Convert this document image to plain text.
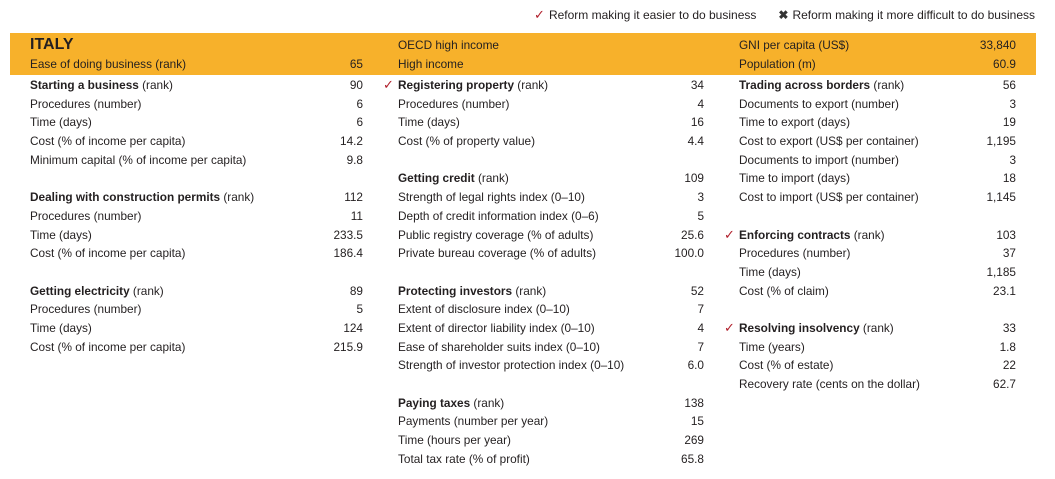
✓ Reform making it easier to do business ✖ Reform making it more difficult to do business
ITALY
Ease of doing business (rank)	65
OECD high income
High income
GNI per capita (US$)	33,840
Population (m)	60.9
Starting a business (rank)	90
Procedures (number)	6
Time (days)	6
Cost (% of income per capita)	14.2
Minimum capital (% of income per capita)	9.8
Dealing with construction permits (rank)	112
Procedures (number)	11
Time (days)	233.5
Cost (% of income per capita)	186.4
Getting electricity (rank)	89
Procedures (number)	5
Time (days)	124
Cost (% of income per capita)	215.9
✓ Registering property (rank)	34
Procedures (number)	4
Time (days)	16
Cost (% of property value)	4.4
Getting credit (rank)	109
Strength of legal rights index (0–10)	3
Depth of credit information index (0–6)	5
Public registry coverage (% of adults)	25.6
Private bureau coverage (% of adults)	100.0
Protecting investors (rank)	52
Extent of disclosure index (0–10)	7
Extent of director liability index (0–10)	4
Ease of shareholder suits index (0–10)	7
Strength of investor protection index (0–10)	6.0
Paying taxes (rank)	138
Payments (number per year)	15
Time (hours per year)	269
Total tax rate (% of profit)	65.8
Trading across borders (rank)	56
Documents to export (number)	3
Time to export (days)	19
Cost to export (US$ per container)	1,195
Documents to import (number)	3
Time to import (days)	18
Cost to import (US$ per container)	1,145
✓ Enforcing contracts (rank)	103
Procedures (number)	37
Time (days)	1,185
Cost (% of claim)	23.1
✓ Resolving insolvency (rank)	33
Time (years)	1.8
Cost (% of estate)	22
Recovery rate (cents on the dollar)	62.7
